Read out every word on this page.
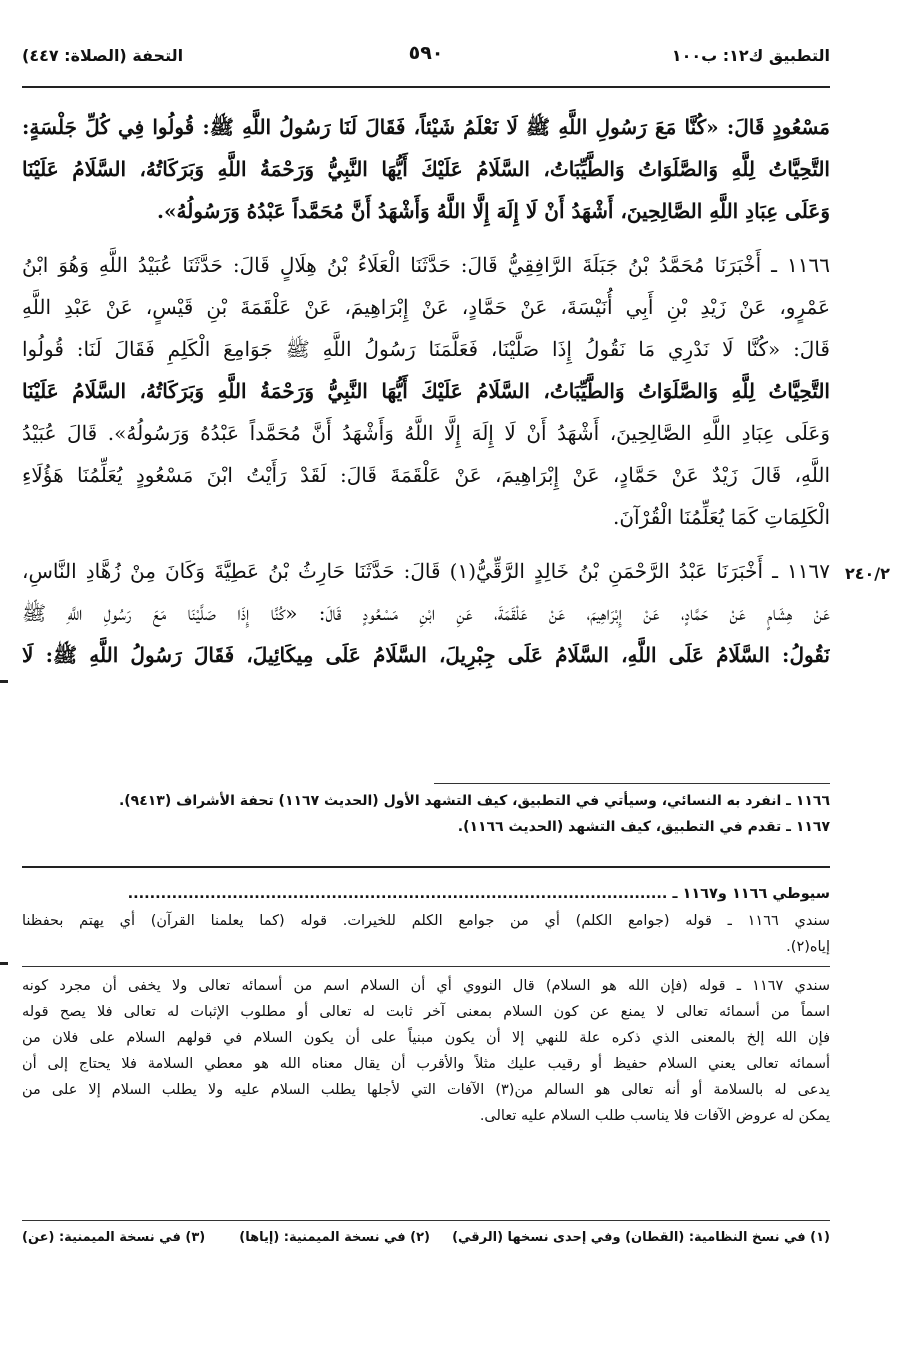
التطبيق ك١٢: ب١٠٠
٥٩٠
التحفة (الصلاة: ٤٤٧)
مَسْعُودٍ قَالَ: «كُنَّا مَعَ رَسُولِ اللَّهِ ﷺ لَا نَعْلَمُ شَيْئاً، فَقَالَ لَنَا رَسُولُ اللَّهِ ﷺ: قُولُوا فِي كُلِّ جَلْسَةٍ:
التَّحِيَّاتُ لِلَّهِ وَالصَّلَوَاتُ وَالطَّيِّبَاتُ، السَّلَامُ عَلَيْكَ أَيُّهَا النَّبِيُّ وَرَحْمَةُ اللَّهِ وَبَرَكَاتُهُ، السَّلَامُ عَلَيْنَا
وَعَلَى عِبَادِ اللَّهِ الصَّالِحِينَ، أَشْهَدُ أَنْ لَا إِلَهَ إِلَّا اللَّهُ وَأَشْهَدُ أَنَّ مُحَمَّداً عَبْدُهُ وَرَسُولُهُ».
١١٦٦ ـ أَخْبَرَنَا مُحَمَّدُ بْنُ جَبَلَةَ الرَّافِقِيُّ قَالَ: حَدَّثَنَا الْعَلَاءُ بْنُ هِلَالٍ قَالَ: حَدَّثَنَا عُبَيْدُ اللَّهِ وَهُوَ ابْنُ
عَمْرٍو، عَنْ زَيْدِ بْنِ أَبِي أُنَيْسَةَ، عَنْ حَمَّادٍ، عَنْ إِبْرَاهِيمَ، عَنْ عَلْقَمَةَ بْنِ قَيْسٍ، عَنْ عَبْدِ اللَّهِ
قَالَ: «كُنَّا لَا نَدْرِي مَا نَقُولُ إِذَا صَلَّيْنَا، فَعَلَّمَنَا رَسُولُ اللَّهِ ﷺ جَوَامِعَ الْكَلِمِ فَقَالَ لَنَا: قُولُوا
التَّحِيَّاتُ لِلَّهِ وَالصَّلَوَاتُ وَالطَّيِّبَاتُ، السَّلَامُ عَلَيْكَ أَيُّهَا النَّبِيُّ وَرَحْمَةُ اللَّهِ وَبَرَكَاتُهُ، السَّلَامُ عَلَيْنَا
وَعَلَى عِبَادِ اللَّهِ الصَّالِحِينَ، أَشْهَدُ أَنْ لَا إِلَهَ إِلَّا اللَّهُ وَأَشْهَدُ أَنَّ مُحَمَّداً عَبْدُهُ وَرَسُولُهُ». قَالَ عُبَيْدُ
اللَّهِ، قَالَ زَيْدٌ عَنْ حَمَّادٍ، عَنْ إِبْرَاهِيمَ، عَنْ عَلْقَمَةَ قَالَ: لَقَدْ رَأَيْتُ ابْنَ مَسْعُودٍ يُعَلِّمُنَا هَؤُلَاءِ
الْكَلِمَاتِ كَمَا يُعَلِّمُنَا الْقُرْآنَ.
١١٦٧ ـ أَخْبَرَنَا عَبْدُ الرَّحْمَنِ بْنُ خَالِدٍ الرَّقِّيُّ(١) قَالَ: حَدَّثَنَا حَارِثُ بْنُ عَطِيَّةَ وَكَانَ مِنْ زُهَّادِ النَّاسِ،
عَنْ هِشَامٍ عَنْ حَمَّادٍ، عَنْ إِبْرَاهِيمَ، عَنْ عَلْقَمَةَ، عَنِ ابْنِ مَسْعُودٍ قَالَ: «كُنَّا إِذَا صَلَّيْنَا مَعَ رَسُولِ اللَّهِ ﷺ
نَقُولُ: السَّلَامُ عَلَى اللَّهِ، السَّلَامُ عَلَى جِبْرِيلَ، السَّلَامُ عَلَى مِيكَائِيلَ، فَقَالَ رَسُولُ اللَّهِ ﷺ: لَا
٢٤٠/٢
١١٦٦ ـ انفرد به النسائي، وسيأتي في التطبيق، كيف التشهد الأول (الحديث ١١٦٧) تحفة الأشراف (٩٤١٣).
١١٦٧ ـ تقدم في التطبيق، كيف التشهد (الحديث ١١٦٦).
سيوطي ١١٦٦ و١١٦٧ ـ ..................................................................................................
سندي ١١٦٦ ـ قوله (جوامع الكلم) أي من جوامع الكلم للخيرات. قوله (كما يعلمنا القرآن) أي يهتم بحفظنا
إياه(٢).
سندي ١١٦٧ ـ قوله (فإن الله هو السلام) قال النووي أي أن السلام اسم من أسمائه تعالى ولا يخفى أن مجرد كونه
اسماً من أسمائه تعالى لا يمنع عن كون السلام بمعنى آخر ثابت له تعالى أو مطلوب الإثبات له تعالى فلا يصح قوله
فإن الله إلخ بالمعنى الذي ذكره علة للنهي إلا أن يكون مبنياً على أن يكون السلام في قولهم السلام على فلان من
أسمائه تعالى يعني السلام حفيظ أو رقيب عليك مثلاً والأقرب أن يقال معناه الله هو معطي السلامة فلا يحتاج إلى أن
يدعى له بالسلامة أو أنه تعالى هو السالم من(٣) الآفات التي لأجلها يطلب السلام عليه ولا يطلب السلام إلا على من
يمكن له عروض الآفات فلا يناسب طلب السلام عليه تعالى.
(١) في نسخ النظامية: (القطان) وفي إحدى نسخها (الرقي)
(٢) في نسخة الميمنية: (إياها)
(٣) في نسخة الميمنية: (عن)
